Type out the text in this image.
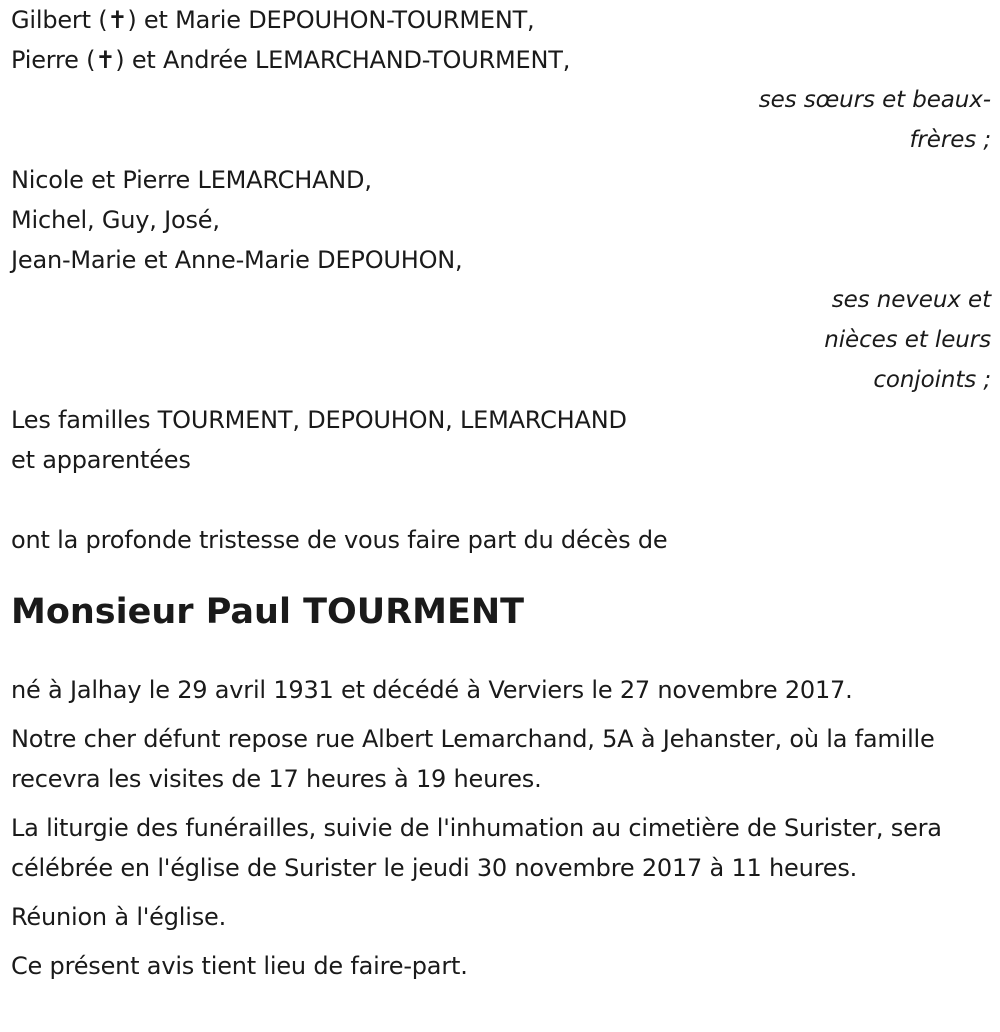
Gilbert (✝) et Marie DEPOUHON-TOURMENT,
Pierre (✝) et Andrée LEMARCHAND-TOURMENT,
ses sœurs et beaux-
frères ;
Nicole et Pierre LEMARCHAND,
Michel, Guy, José,
Jean-Marie et Anne-Marie DEPOUHON,
ses neveux et
nièces et leurs
conjoints ;
Les familles TOURMENT, DEPOUHON, LEMARCHAND
et apparentées
ont la profonde tristesse de vous faire part du décès de
Monsieur Paul TOURMENT

né à Jalhay le 29 avril 1931 et décédé à Verviers le 27 novembre 2017.

Notre cher défunt repose rue Albert Lemarchand, 5A à Jehanster, où la famille recevra les visites de 17 heures à 19 heures.

La liturgie des funérailles, suivie de l'inhumation au cimetière de Surister, sera célébrée en l'église de Surister le jeudi 30 novembre 2017 à 11 heures.

Réunion à l'église.

Ce présent avis tient lieu de faire-part.
